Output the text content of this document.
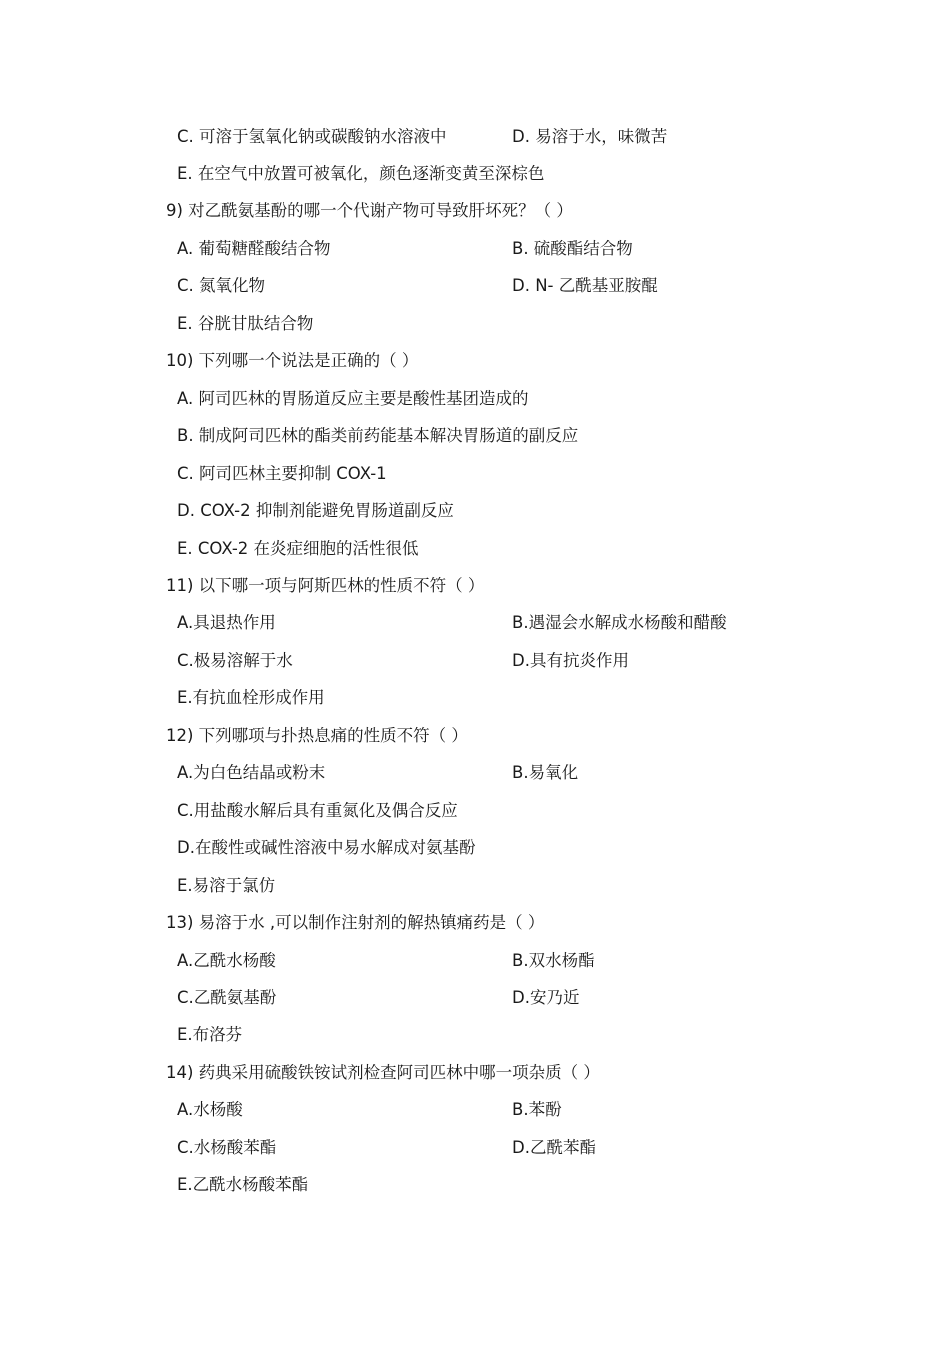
C. 可溶于氢氧化钠或碳酸钠水溶液中	D. 易溶于水，味微苦
E. 在空气中放置可被氧化，颜色逐渐变黄至深棕色
9) 对乙酰氨基酚的哪一个代谢产物可导致肝坏死？（ ）
A. 葡萄糖醛酸结合物	B. 硫酸酯结合物
C. 氮氧化物	D. N- 乙酰基亚胺醌
E. 谷胱甘肽结合物
10) 下列哪一个说法是正确的（ ）
A. 阿司匹林的胃肠道反应主要是酸性基团造成的
B. 制成阿司匹林的酯类前药能基本解决胃肠道的副反应
C. 阿司匹林主要抑制 COX-1
D. COX-2 抑制剂能避免胃肠道副反应
E. COX-2 在炎症细胞的活性很低
11) 以下哪一项与阿斯匹林的性质不符（ ）
A.具退热作用	B.遇湿会水解成水杨酸和醋酸
C.极易溶解于水	D.具有抗炎作用
E.有抗血栓形成作用
12) 下列哪项与扑热息痛的性质不符（ ）
A.为白色结晶或粉末	B.易氧化
C.用盐酸水解后具有重氮化及偶合反应
D.在酸性或碱性溶液中易水解成对氨基酚
E.易溶于氯仿
13) 易溶于水 ,可以制作注射剂的解热镇痛药是（ ）
A.乙酰水杨酸	B.双水杨酯
C.乙酰氨基酚	D.安乃近
E.布洛芬
14) 药典采用硫酸铁铵试剂检查阿司匹林中哪一项杂质（ ）
A.水杨酸	B.苯酚
C.水杨酸苯酯	D.乙酰苯酯
E.乙酰水杨酸苯酯
